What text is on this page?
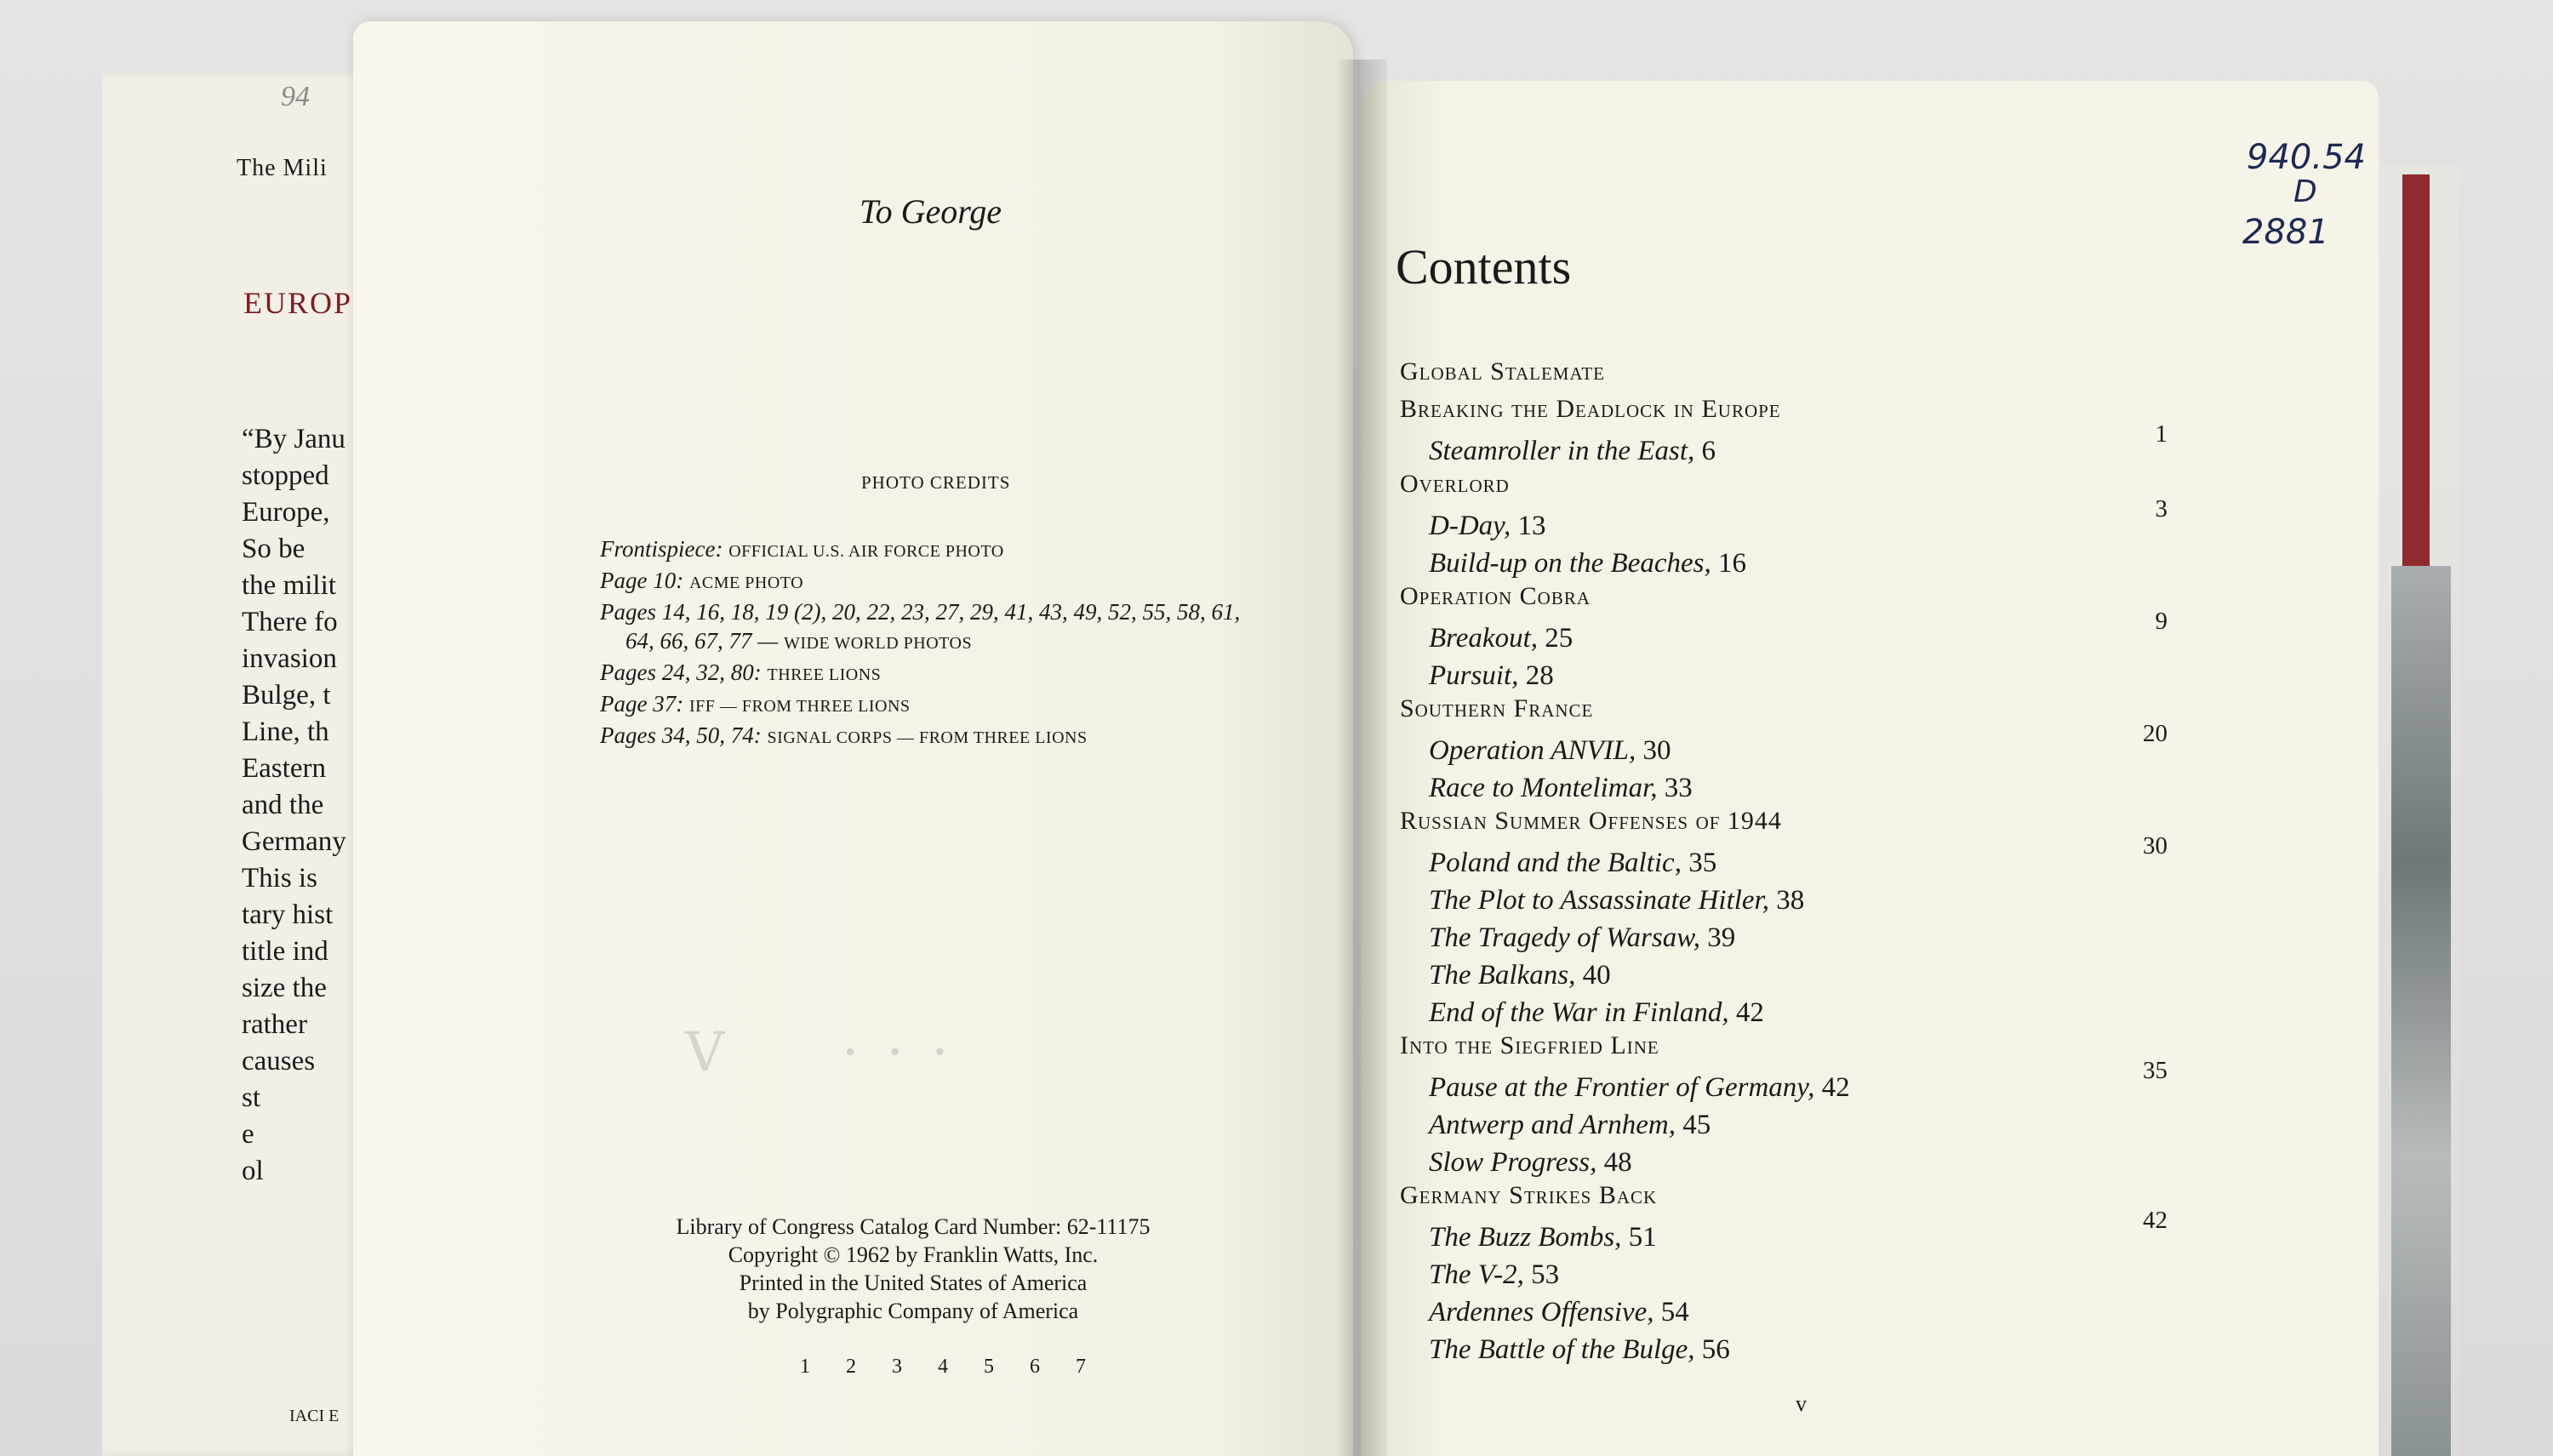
94
The Mili
EUROP
“By Janu
stopped
Europe,
So be
the milit
There fo
invasion
Bulge, t
Line, th
Eastern
and the
Germany
This is
tary hist
title ind
size the
rather
causes
st
e
ol
IACI E
To George
PHOTO CREDITS
Frontispiece: OFFICIAL U.S. AIR FORCE PHOTO
Page 10: ACME PHOTO
Pages 14, 16, 18, 19 (2), 20, 22, 23, 27, 29, 41, 43, 49, 52, 55, 58, 61,
64, 66, 67, 77 — WIDE WORLD PHOTOS
Pages 24, 32, 80: THREE LIONS
Page 37: IFF — FROM THREE LIONS
Pages 34, 50, 74: SIGNAL CORPS — FROM THREE LIONS
V     · · ·
Library of Congress Catalog Card Number: 62-11175
Copyright © 1962 by Franklin Watts, Inc.
Printed in the United States of America
by Polygraphic Company of America
1 2 3 4 5 6 7
Contents
940.54
D
2881
Global Stalemate
Breaking the Deadlock in Europe
1
Steamroller in the East, 6
Overlord
3
D-Day, 13
Build-up on the Beaches, 16
Operation Cobra
9
Breakout, 25
Pursuit, 28
Southern France
20
Operation ANVIL, 30
Race to Montelimar, 33
Russian Summer Offenses of 1944
30
Poland and the Baltic, 35
The Plot to Assassinate Hitler, 38
The Tragedy of Warsaw, 39
The Balkans, 40
End of the War in Finland, 42
Into the Siegfried Line
35
Pause at the Frontier of Germany, 42
Antwerp and Arnhem, 45
Slow Progress, 48
Germany Strikes Back
42
The Buzz Bombs, 51
The V-2, 53
Ardennes Offensive, 54
The Battle of the Bulge, 56
v
